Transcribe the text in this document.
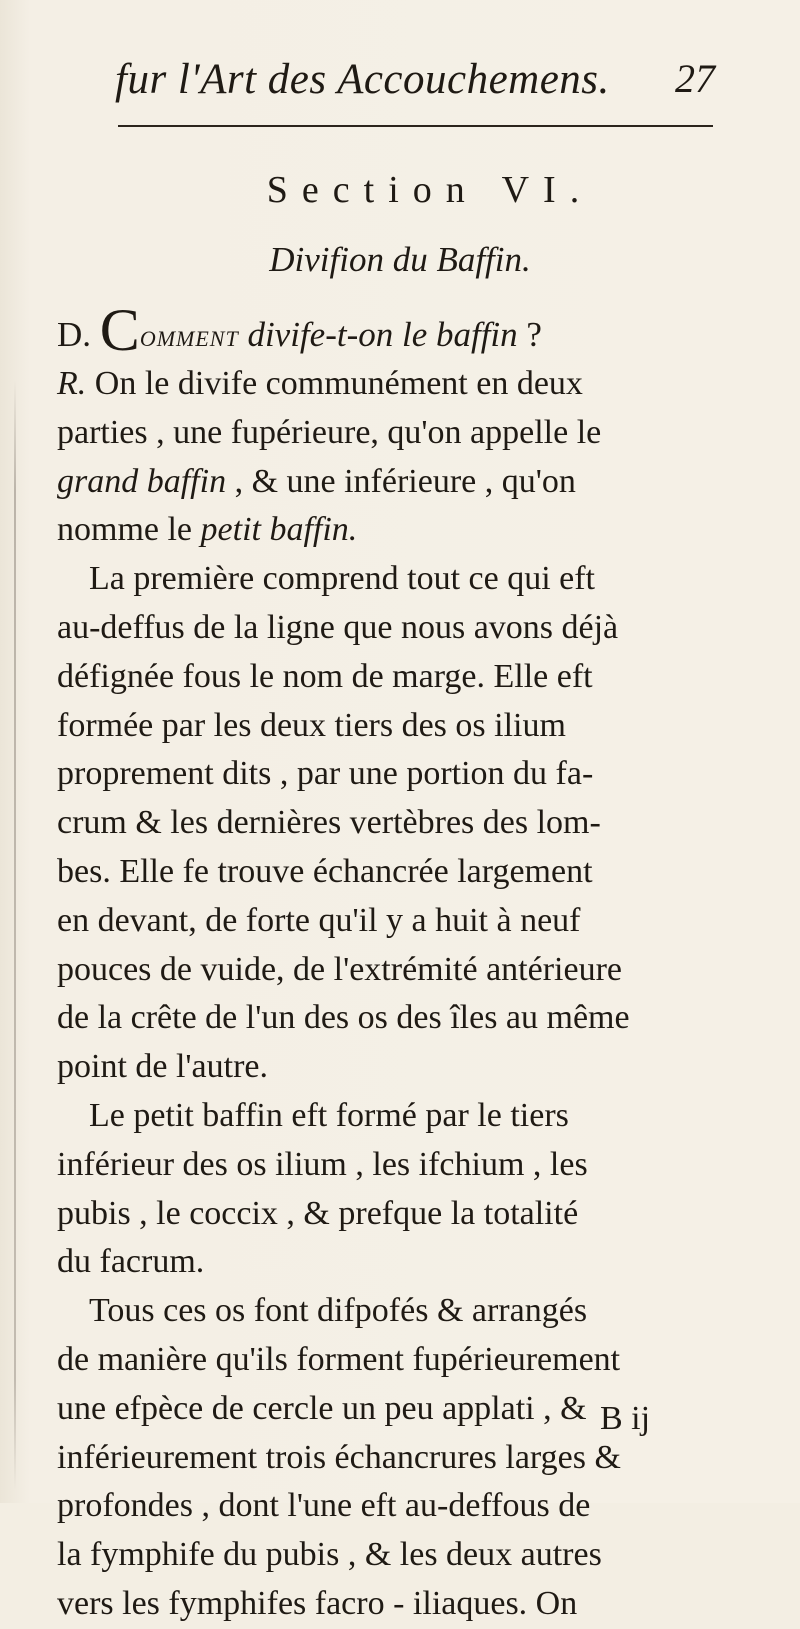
fur l'Art des Accouchemens. 27
Section VI.
Divifion du Baffin.
D. Comment divife-t-on le baffin ?

R. On le divife communément en deux
parties , une fupérieure, qu'on appelle le
grand baffin , & une inférieure , qu'on
nomme le petit baffin.

La première comprend tout ce qui eft
au-deffus de la ligne que nous avons déjà
défignée fous le nom de marge. Elle eft
formée par les deux tiers des os ilium
proprement dits , par une portion du fa-
crum & les dernières vertèbres des lom-
bes. Elle fe trouve échancrée largement
en devant, de forte qu'il y a huit à neuf
pouces de vuide, de l'extrémité antérieure
de la crête de l'un des os des îles au même
point de l'autre.

Le petit baffin eft formé par le tiers
inférieur des os ilium , les ifchium , les
pubis , le coccix , & prefque la totalité
du facrum.

Tous ces os font difpofés & arrangés
de manière qu'ils forment fupérieurement
une efpèce de cercle un peu applati , &
inférieurement trois échancrures larges &
profondes , dont l'une eft au-deffous de
la fymphife du pubis , & les deux autres
vers les fymphifes facro - iliaques. On

B ij
